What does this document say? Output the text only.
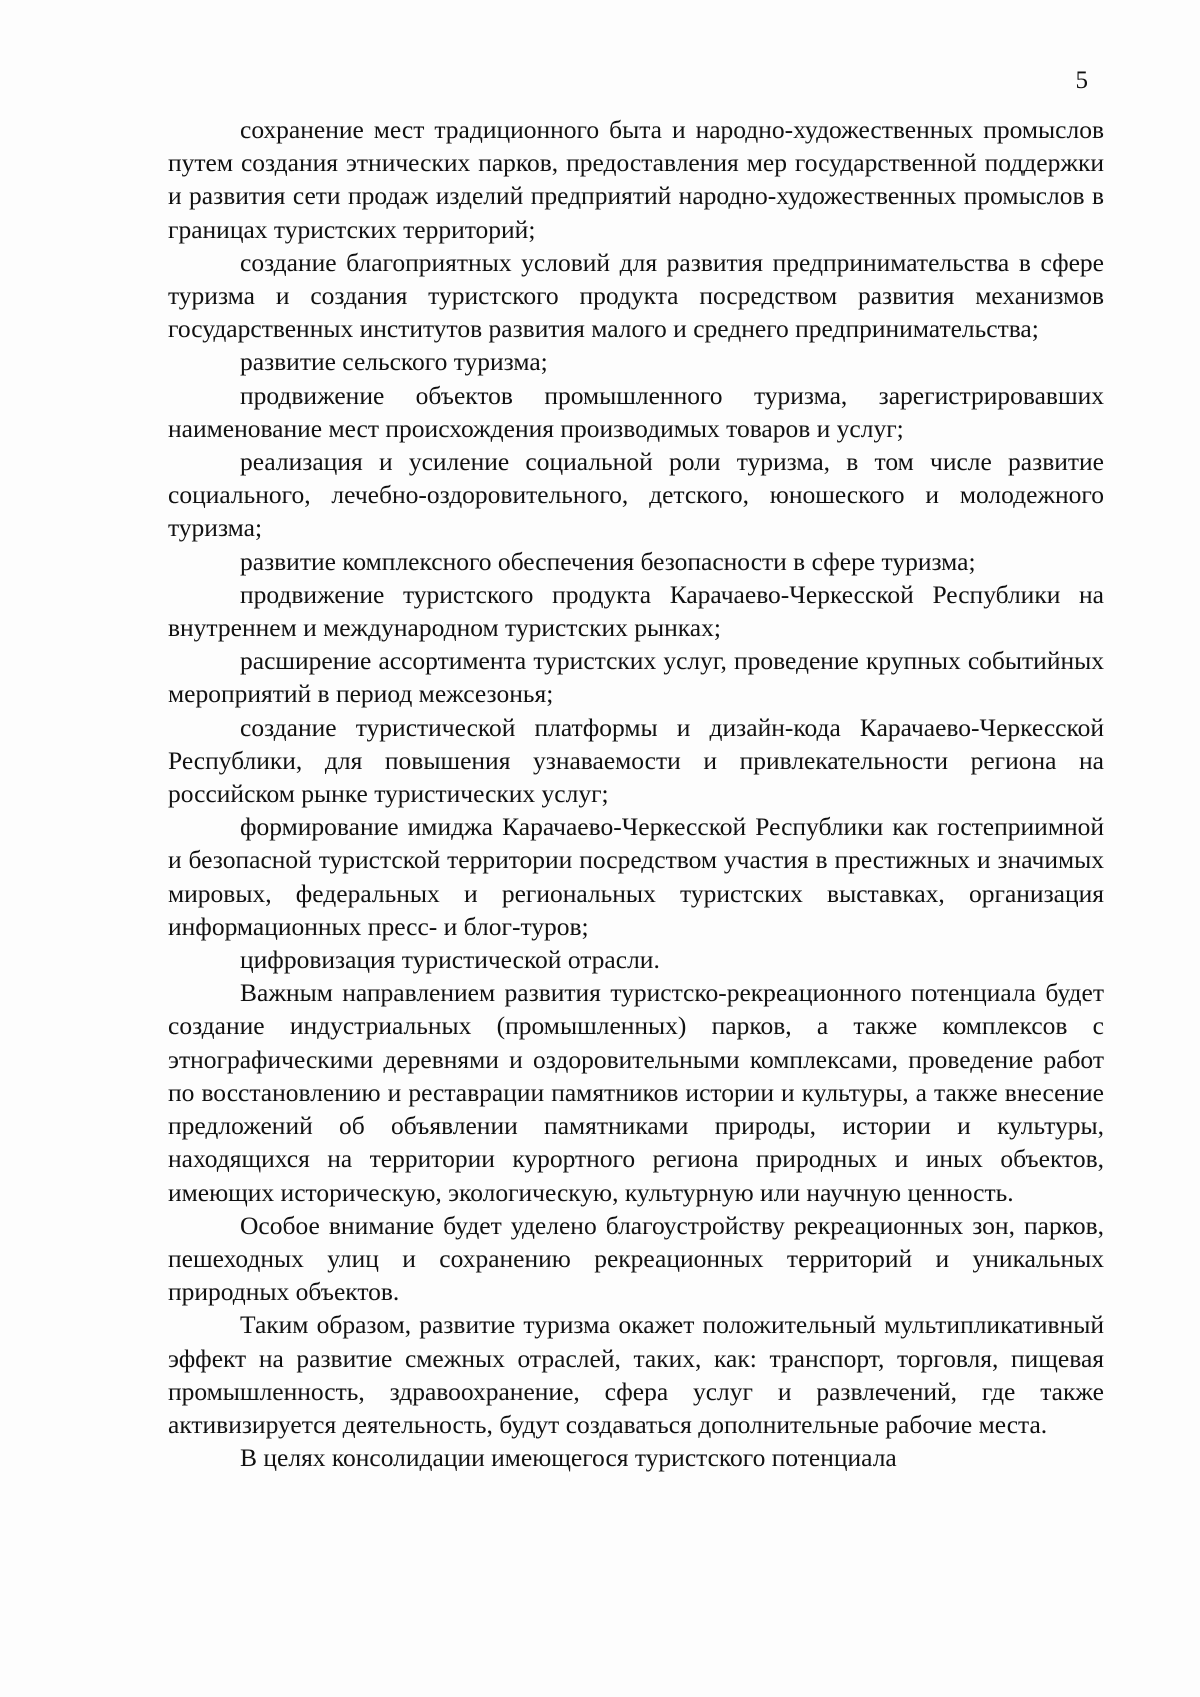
5

сохранение мест традиционного быта и народно-художественных промыслов путем создания этнических парков, предоставления мер государственной поддержки и развития сети продаж изделий предприятий народно-художественных промыслов в границах туристских территорий;

создание благоприятных условий для развития предпринимательства в сфере туризма и создания туристского продукта посредством развития механизмов государственных институтов развития малого и среднего предпринимательства;

развитие сельского туризма;

продвижение объектов промышленного туризма, зарегистрировавших наименование мест происхождения производимых товаров и услуг;

реализация и усиление социальной роли туризма, в том числе развитие социального, лечебно-оздоровительного, детского, юношеского и молодежного туризма;

развитие комплексного обеспечения безопасности в сфере туризма;

продвижение туристского продукта Карачаево-Черкесской Республики на внутреннем и международном туристских рынках;

расширение ассортимента туристских услуг, проведение крупных событийных мероприятий в период межсезонья;

создание туристической платформы и дизайн-кода Карачаево-Черкесской Республики, для повышения узнаваемости и привлекательности региона на российском рынке туристических услуг;

формирование имиджа Карачаево-Черкесской Республики как гостеприимной и безопасной туристской территории посредством участия в престижных и значимых мировых, федеральных и региональных туристских выставках, организация информационных пресс- и блог-туров;

цифровизация туристической отрасли.

Важным направлением развития туристско-рекреационного потенциала будет создание индустриальных (промышленных) парков, а также комплексов с этнографическими деревнями и оздоровительными комплексами, проведение работ по восстановлению и реставрации памятников истории и культуры, а также внесение предложений об объявлении памятниками природы, истории и культуры, находящихся на территории курортного региона природных и иных объектов, имеющих историческую, экологическую, культурную или научную ценность.

Особое внимание будет уделено благоустройству рекреационных зон, парков, пешеходных улиц и сохранению рекреационных территорий и уникальных природных объектов.

Таким образом, развитие туризма окажет положительный мультипликативный эффект на развитие смежных отраслей, таких, как: транспорт, торговля, пищевая промышленность, здравоохранение, сфера услуг и развлечений, где также активизируется деятельность, будут создаваться дополнительные рабочие места.

В целях консолидации имеющегося туристского потенциала
